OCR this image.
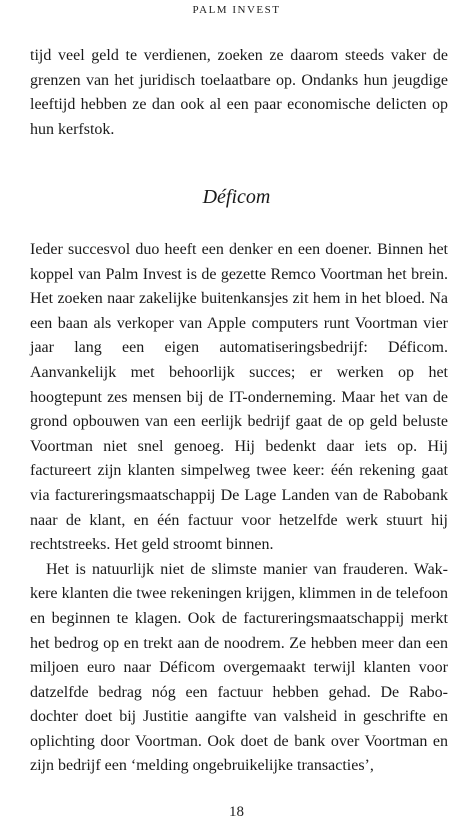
PALM INVEST

tijd veel geld te verdienen, zoeken ze daarom steeds vaker de grenzen van het juridisch toelaatbare op. Ondanks hun jeugdige leeftijd hebben ze dan ook al een paar economische delicten op hun kerfstok.

Déficom

Ieder succesvol duo heeft een denker en een doener. Binnen het koppel van Palm Invest is de gezette Remco Voortman het brein. Het zoeken naar zakelijke buitenkansjes zit hem in het bloed. Na een baan als verkoper van Apple computers runt Voortman vier jaar lang een eigen automatiseringsbedrijf: Déficom. Aanvankelijk met behoorlijk succes; er werken op het hoogtepunt zes mensen bij de IT-onderneming. Maar het van de grond opbouwen van een eerlijk bedrijf gaat de op geld beluste Voortman niet snel genoeg. Hij bedenkt daar iets op. Hij factureert zijn klanten simpelweg twee keer: één rekening gaat via factureringsmaatschappij De Lage Landen van de Rabobank naar de klant, en één factuur voor hetzelfde werk stuurt hij rechtstreeks. Het geld stroomt binnen.

Het is natuurlijk niet de slimste manier van frauderen. Wakkere klanten die twee rekeningen krijgen, klimmen in de telefoon en beginnen te klagen. Ook de factureringsmaatschappij merkt het bedrog op en trekt aan de noodrem. Ze hebben meer dan een miljoen euro naar Déficom overgemaakt terwijl klanten voor datzelfde bedrag nóg een factuur hebben gehad. De Rabo-dochter doet bij Justitie aangifte van valsheid in geschrifte en oplichting door Voortman. Ook doet de bank over Voortman en zijn bedrijf een ‘melding ongebruikelijke transacties’,

18
